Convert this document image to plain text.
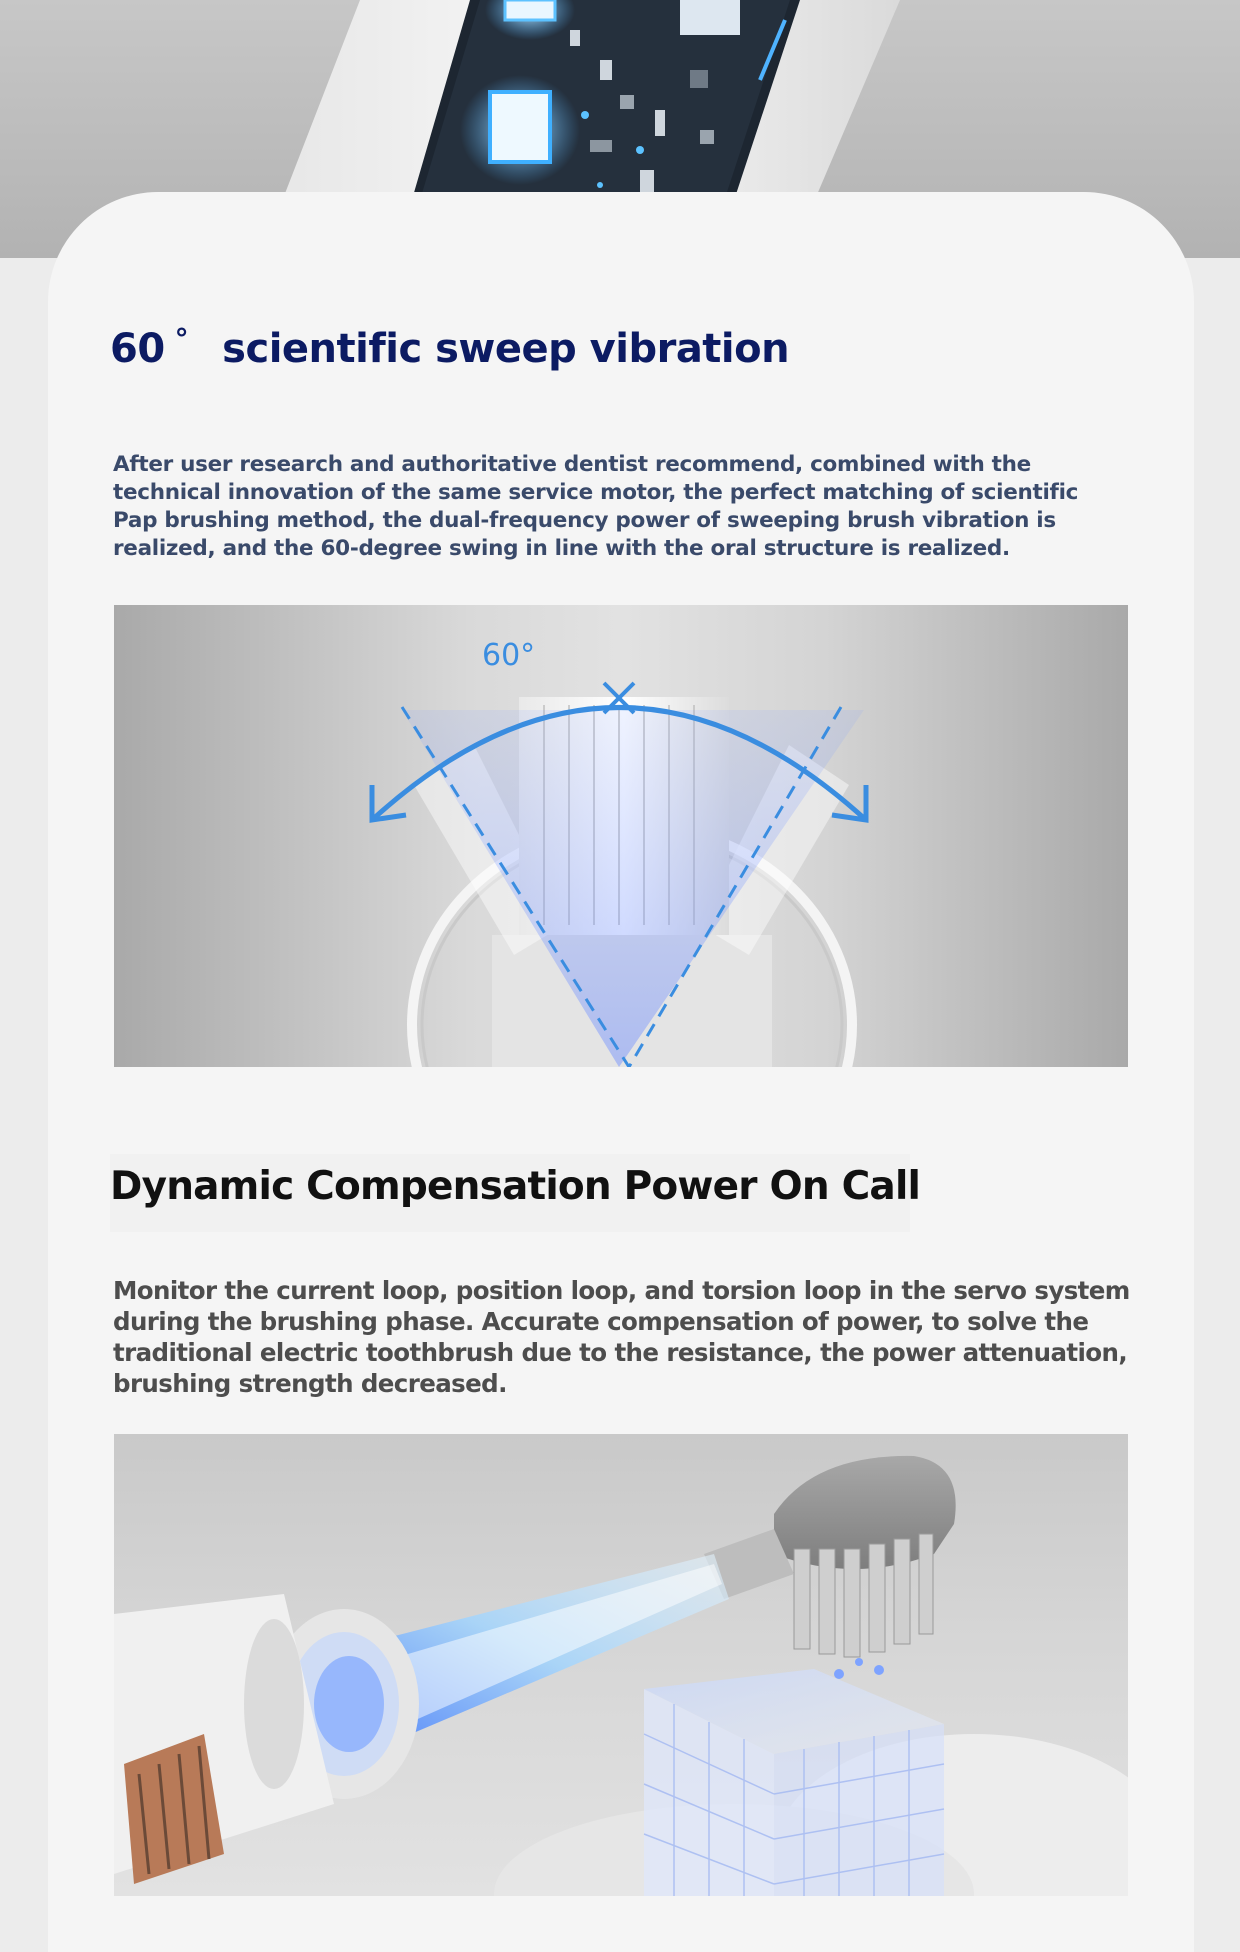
60 ° scientific sweep vibration

After user research and authoritative dentist recommend, combined with the technical innovation of the same service motor, the perfect matching of scientific Pap brushing method, the dual-frequency power of sweeping brush vibration is realized, and the 60-degree swing in line with the oral structure is realized.

60°
Dynamic Compensation Power On Call

Monitor the current loop, position loop, and torsion loop in the servo system during the brushing phase. Accurate compensation of power, to solve the traditional electric toothbrush due to the resistance, the power attenuation, brushing strength decreased.
